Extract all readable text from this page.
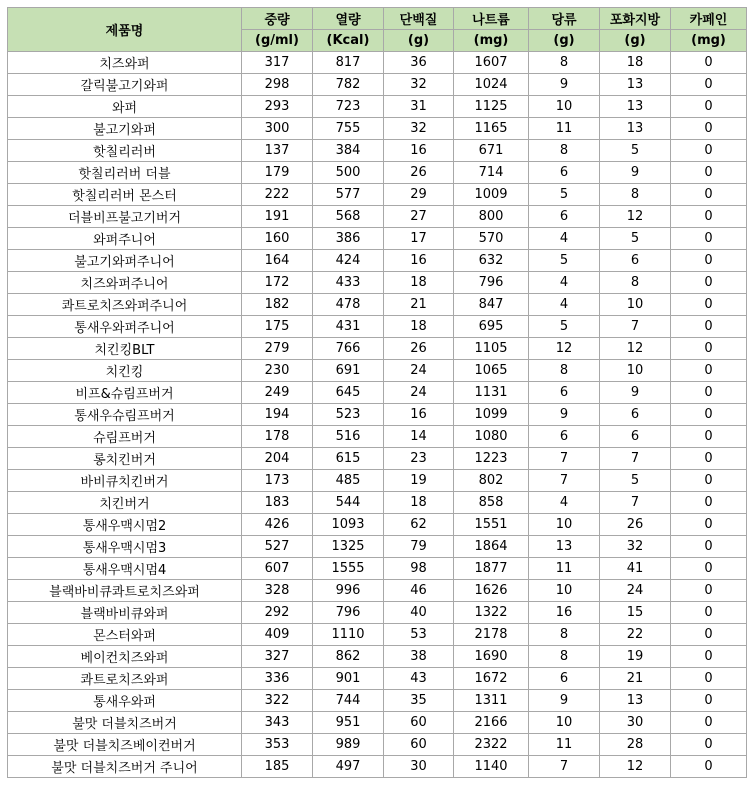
제품명	중량	열량	단백질	나트륨	당류	포화지방	카페인
	(g/ml)	(Kcal)	(g)	(mg)	(g)	(g)	(mg)
치즈와퍼	317	817	36	1607	8	18	0
갈릭불고기와퍼	298	782	32	1024	9	13	0
와퍼	293	723	31	1125	10	13	0
불고기와퍼	300	755	32	1165	11	13	0
핫칠리러버	137	384	16	671	8	5	0
핫칠리러버 더블	179	500	26	714	6	9	0
핫칠리러버 몬스터	222	577	29	1009	5	8	0
더블비프불고기버거	191	568	27	800	6	12	0
와퍼주니어	160	386	17	570	4	5	0
불고기와퍼주니어	164	424	16	632	5	6	0
치즈와퍼주니어	172	433	18	796	4	8	0
콰트로치즈와퍼주니어	182	478	21	847	4	10	0
통새우와퍼주니어	175	431	18	695	5	7	0
치킨킹BLT	279	766	26	1105	12	12	0
치킨킹	230	691	24	1065	8	10	0
비프&슈림프버거	249	645	24	1131	6	9	0
통새우슈림프버거	194	523	16	1099	9	6	0
슈림프버거	178	516	14	1080	6	6	0
롱치킨버거	204	615	23	1223	7	7	0
바비큐치킨버거	173	485	19	802	7	5	0
치킨버거	183	544	18	858	4	7	0
통새우맥시멈2	426	1093	62	1551	10	26	0
통새우맥시멈3	527	1325	79	1864	13	32	0
통새우맥시멈4	607	1555	98	1877	11	41	0
블랙바비큐콰트로치즈와퍼	328	996	46	1626	10	24	0
블랙바비큐와퍼	292	796	40	1322	16	15	0
몬스터와퍼	409	1110	53	2178	8	22	0
베이컨치즈와퍼	327	862	38	1690	8	19	0
콰트로치즈와퍼	336	901	43	1672	6	21	0
통새우와퍼	322	744	35	1311	9	13	0
불맛 더블치즈버거	343	951	60	2166	10	30	0
불맛 더블치즈베이컨버거	353	989	60	2322	11	28	0
불맛 더블치즈버거 주니어	185	497	30	1140	7	12	0
